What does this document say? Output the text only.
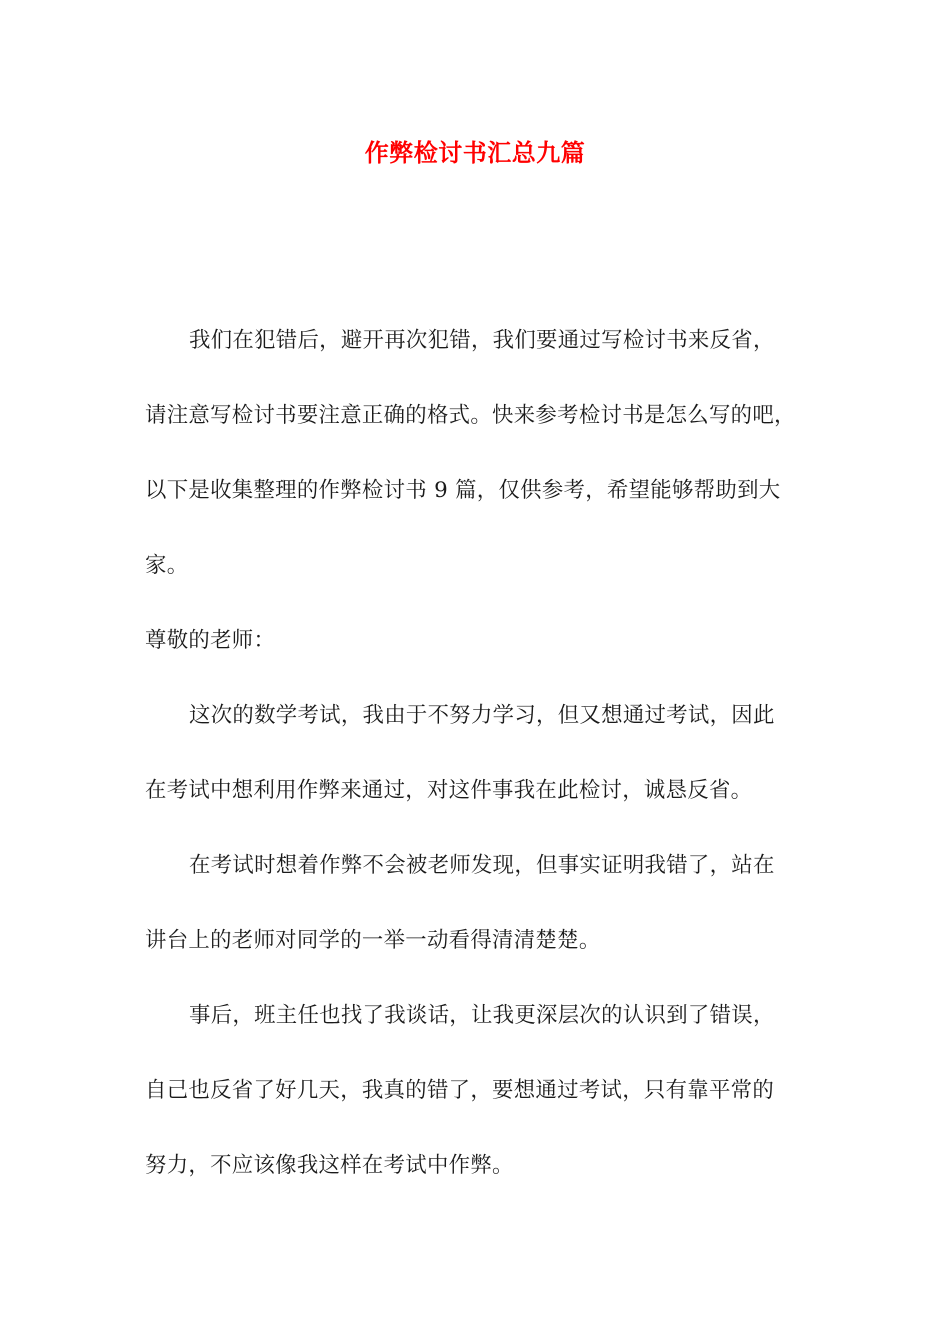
作弊检讨书汇总九篇
我们在犯错后，避开再次犯错，我们要通过写检讨书来反省，
请注意写检讨书要注意正确的格式。快来参考检讨书是怎么写的吧，
以下是收集整理的作弊检讨书 9 篇，仅供参考，希望能够帮助到大
家。
尊敬的老师：
这次的数学考试，我由于不努力学习，但又想通过考试，因此
在考试中想利用作弊来通过，对这件事我在此检讨，诚恳反省。
在考试时想着作弊不会被老师发现，但事实证明我错了，站在
讲台上的老师对同学的一举一动看得清清楚楚。
事后，班主任也找了我谈话，让我更深层次的认识到了错误，
自己也反省了好几天，我真的错了，要想通过考试，只有靠平常的
努力，不应该像我这样在考试中作弊。
